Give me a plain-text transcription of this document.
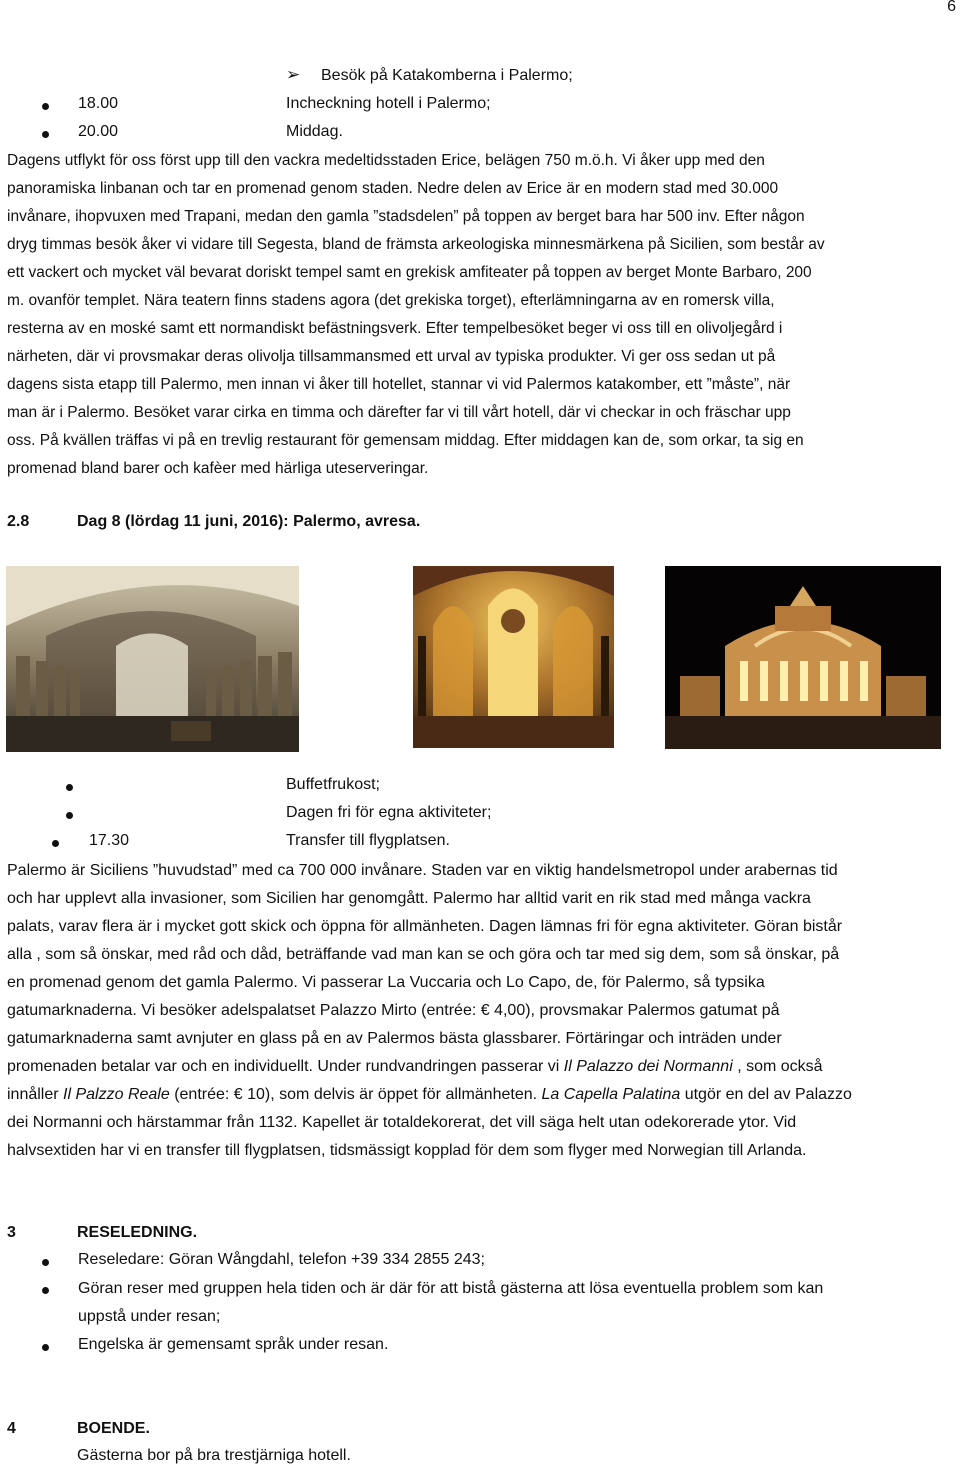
6
➢ Besök på Katakomberna i Palermo;
18.00	Incheckning hotell i Palermo;
20.00	Middag.
Dagens utflykt för oss först upp till den vackra medeltidsstaden Erice, belägen 750 m.ö.h. Vi åker upp med den
panoramiska linbanan och tar en promenad genom staden. Nedre delen av Erice är en modern stad med 30.000
invånare, ihopvuxen med Trapani, medan den gamla ”stadsdelen” på toppen av berget bara har 500 inv. Efter någon
dryg timmas besök åker vi vidare till Segesta, bland de främsta arkeologiska minnesmärkena på Sicilien, som består av
ett vackert och mycket väl bevarat doriskt tempel samt en grekisk amfiteater på toppen av berget Monte Barbaro, 200
m. ovanför templet. Nära teatern finns stadens agora (det grekiska torget), efterlämningarna av en romersk villa,
resterna av en moské samt ett normandiskt befästningsverk. Efter tempelbesöket beger vi oss till en olivoljegård i
närheten, där vi provsmakar deras olivolja tillsammansmed ett urval av typiska produkter. Vi ger oss sedan ut på
dagens sista etapp till Palermo, men innan vi åker till hotellet, stannar vi vid Palermos katakomber, ett ”måste”, när
man är i Palermo. Besöket varar cirka en timma och därefter far vi till vårt hotell, där vi checkar in och fräschar upp
oss. På kvällen träffas vi på en trevlig restaurant för gemensam middag. Efter middagen kan de, som orkar, ta sig en
promenad bland barer och kafèer med härliga uteserveringar.
2.8	Dag 8 (lördag 11 juni, 2016): Palermo, avresa.
Buffetfrukost;
Dagen fri för egna aktiviteter;
17.30	Transfer till flygplatsen.
Palermo är Siciliens ”huvudstad” med ca 700 000 invånare. Staden var en viktig handelsmetropol under arabernas tid
och har upplevt alla invasioner, som Sicilien har genomgått. Palermo har alltid varit en rik stad med många vackra
palats, varav flera är i mycket gott skick och öppna för allmänheten. Dagen lämnas fri för egna aktiviteter. Göran bistår
alla , som så önskar, med råd och dåd, beträffande vad man kan se och göra och tar med sig dem, som så önskar, på
en promenad genom det gamla Palermo. Vi passerar La Vuccaria och Lo Capo, de, för Palermo, så typsika
gatumarknaderna. Vi besöker adelspalatset Palazzo Mirto (entrée: € 4,00), provsmakar Palermos gatumat på
gatumarknaderna samt avnjuter en glass på en av Palermos bästa glassbarer. Förtäringar och inträden under
promenaden betalar var och en individuellt. Under rundvandringen passerar vi Il Palazzo dei Normanni , som också
innåller Il Palzzo Reale (entrée: € 10), som delvis är öppet för allmänheten. La Capella Palatina utgör en del av Palazzo
dei Normanni och härstammar från 1132. Kapellet är totaldekorerat, det vill säga helt utan odekorerade ytor. Vid
halvsextiden har vi en transfer till flygplatsen, tidsmässigt kopplad för dem som flyger med Norwegian till Arlanda.
3	RESELEDNING.
Reseledare: Göran Wångdahl, telefon +39 334 2855 243;
Göran reser med gruppen hela tiden och är där för att bistå gästerna att lösa eventuella problem som kan
uppstå under resan;
Engelska är gemensamt språk under resan.
4	BOENDE.
Gästerna bor på bra trestjärniga hotell.
